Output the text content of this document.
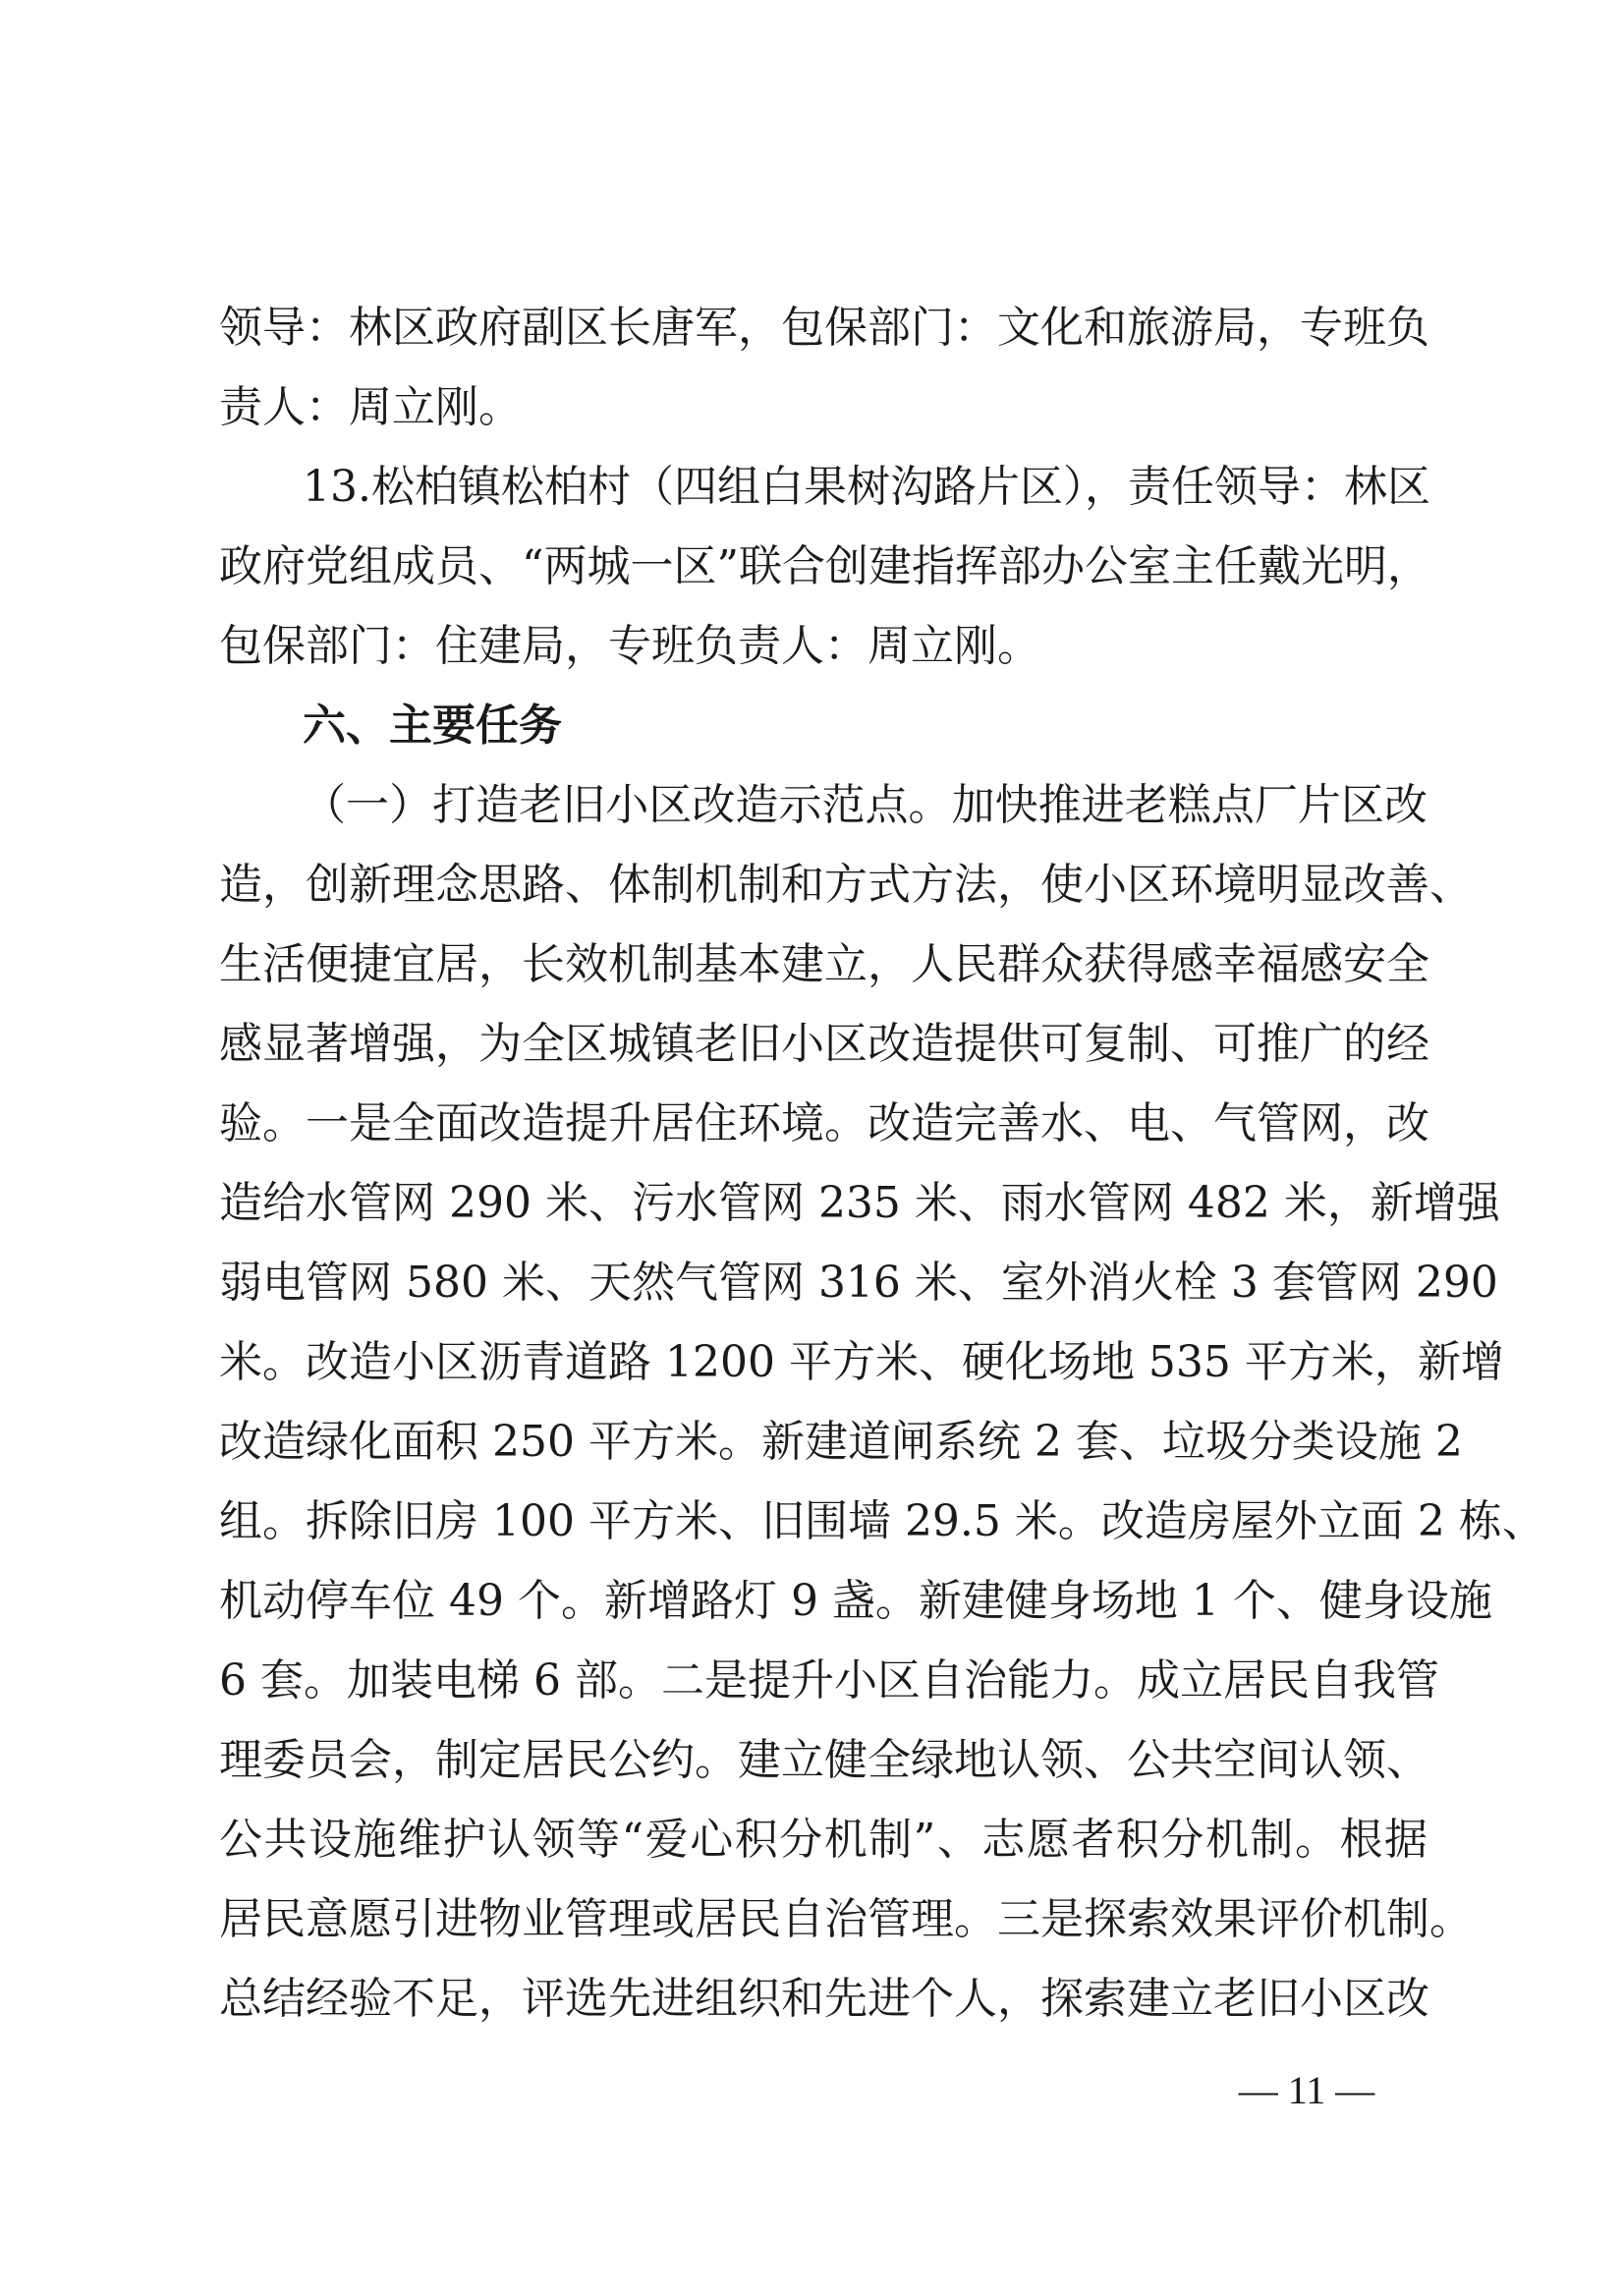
领导：林区政府副区长唐军，包保部门：文化和旅游局，专班负
责人：周立刚。
13.松柏镇松柏村（四组白果树沟路片区），责任领导：林区
政府党组成员、“两城一区”联合创建指挥部办公室主任戴光明，
包保部门：住建局，专班负责人：周立刚。
六、主要任务
（一）打造老旧小区改造示范点。加快推进老糕点厂片区改
造，创新理念思路、体制机制和方式方法，使小区环境明显改善、
生活便捷宜居，长效机制基本建立，人民群众获得感幸福感安全
感显著增强，为全区城镇老旧小区改造提供可复制、可推广的经
验。一是全面改造提升居住环境。改造完善水、电、气管网，改
造给水管网 290 米、污水管网 235 米、雨水管网 482 米，新增强
弱电管网 580 米、天然气管网 316 米、室外消火栓 3 套管网 290
米。改造小区沥青道路 1200 平方米、硬化场地 535 平方米，新增
改造绿化面积 250 平方米。新建道闸系统 2 套、垃圾分类设施 2
组。拆除旧房 100 平方米、旧围墙 29.5 米。改造房屋外立面 2 栋、
机动停车位 49 个。新增路灯 9 盏。新建健身场地 1 个、健身设施
6 套。加装电梯 6 部。二是提升小区自治能力。成立居民自我管
理委员会，制定居民公约。建立健全绿地认领、公共空间认领、
公共设施维护认领等“爱心积分机制”、志愿者积分机制。根据
居民意愿引进物业管理或居民自治管理。三是探索效果评价机制。
总结经验不足，评选先进组织和先进个人，探索建立老旧小区改
— 11 —
